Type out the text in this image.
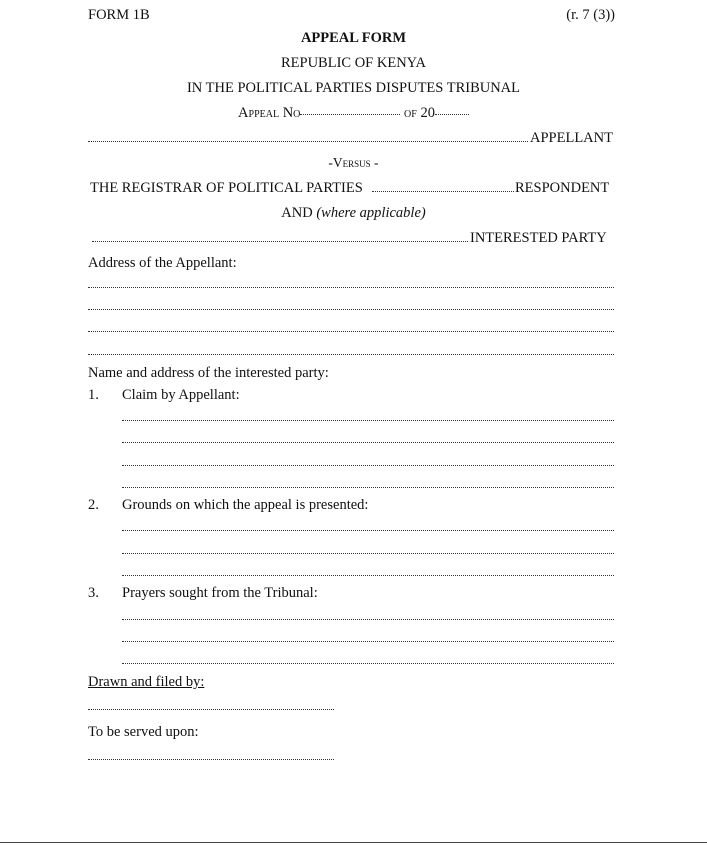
FORM 1B	(r. 7 (3))
APPEAL FORM
REPUBLIC OF KENYA
IN THE POLITICAL PARTIES DISPUTES TRIBUNAL
Appeal No	of 20
APPELLANT
-Versus -
THE REGISTRAR OF POLITICAL PARTIES	RESPONDENT
AND (where applicable)
INTERESTED PARTY
Address of the Appellant:
Name and address of the interested party:
1. Claim by Appellant:
2. Grounds on which the appeal is presented:
3. Prayers sought from the Tribunal:
Drawn and filed by:
To be served upon:
